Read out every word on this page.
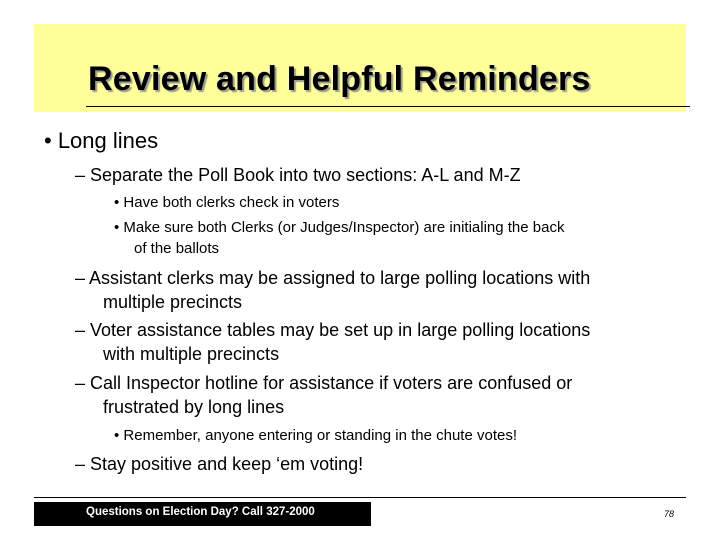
Review and Helpful Reminders
• Long lines
– Separate the Poll Book into two sections: A-L and M-Z
• Have both clerks check in voters
• Make sure both Clerks (or Judges/Inspector) are initialing the back
of the ballots
– Assistant clerks may be assigned to large polling locations with
multiple precincts
– Voter assistance tables may be set up in large polling locations
with multiple precincts
– Call Inspector hotline for assistance if voters are confused or
frustrated by long lines
• Remember, anyone entering or standing in the chute votes!
– Stay positive and keep ‘em voting!
Questions on Election Day? Call 327-2000	78
